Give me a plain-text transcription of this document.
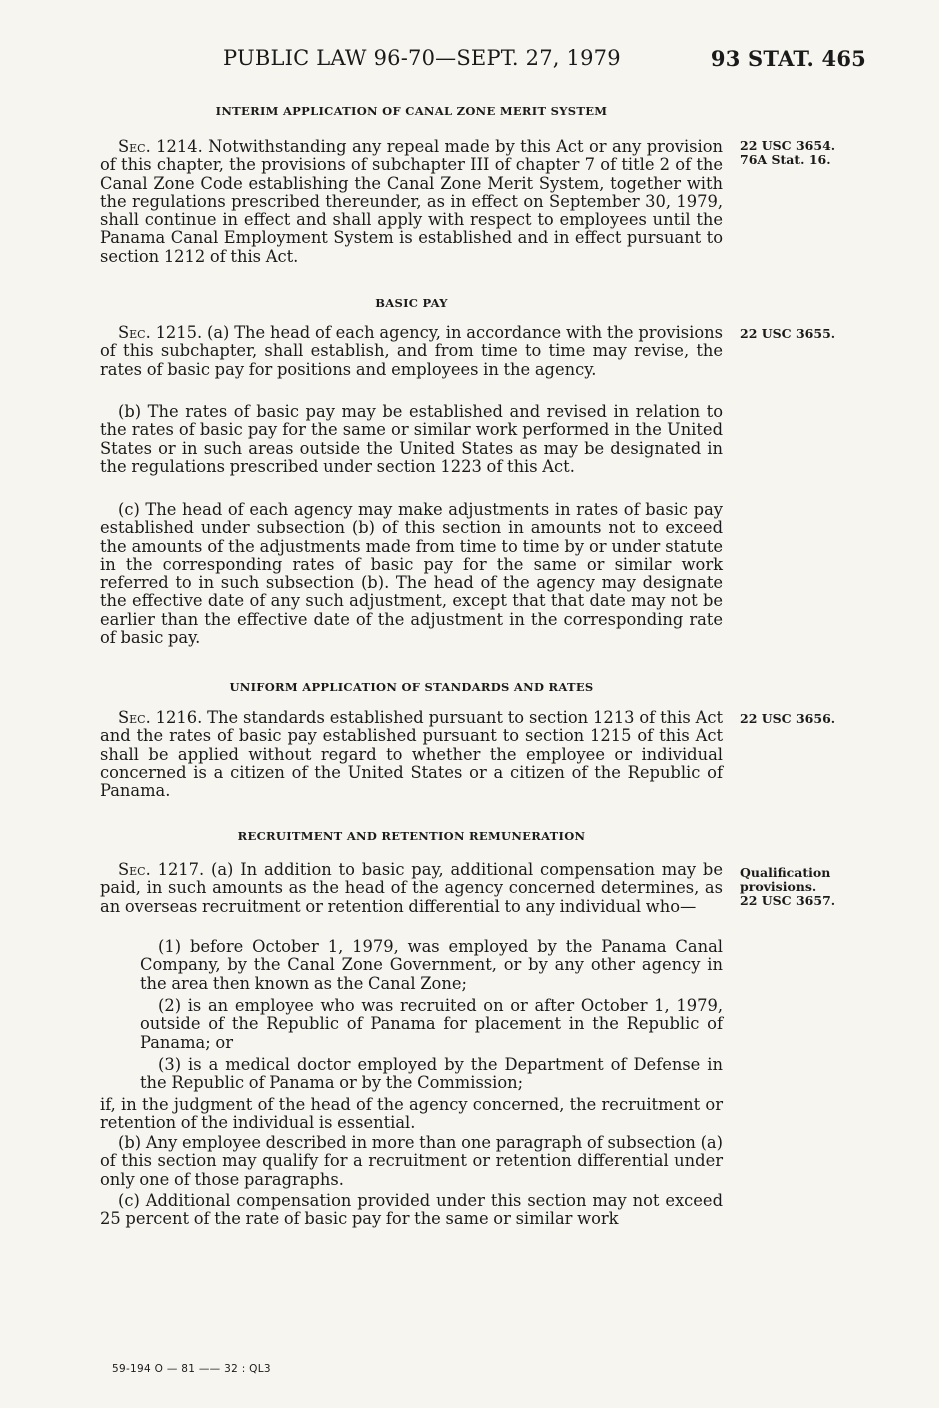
PUBLIC LAW 96-70—SEPT. 27, 1979	93 STAT. 465
INTERIM APPLICATION OF CANAL ZONE MERIT SYSTEM

Sec. 1214. Notwithstanding any repeal made by this Act or any provision of this chapter, the provisions of subchapter III of chapter 7 of title 2 of the Canal Zone Code establishing the Canal Zone Merit System, together with the regulations prescribed thereunder, as in effect on September 30, 1979, shall continue in effect and shall apply with respect to employees until the Panama Canal Employment System is established and in effect pursuant to section 1212 of this Act.

BASIC PAY

Sec. 1215. (a) The head of each agency, in accordance with the provisions of this subchapter, shall establish, and from time to time may revise, the rates of basic pay for positions and employees in the agency.

(b) The rates of basic pay may be established and revised in relation to the rates of basic pay for the same or similar work performed in the United States or in such areas outside the United States as may be designated in the regulations prescribed under section 1223 of this Act.

(c) The head of each agency may make adjustments in rates of basic pay established under subsection (b) of this section in amounts not to exceed the amounts of the adjustments made from time to time by or under statute in the corresponding rates of basic pay for the same or similar work referred to in such subsection (b). The head of the agency may designate the effective date of any such adjustment, except that that date may not be earlier than the effective date of the adjustment in the corresponding rate of basic pay.

UNIFORM APPLICATION OF STANDARDS AND RATES

Sec. 1216. The standards established pursuant to section 1213 of this Act and the rates of basic pay established pursuant to section 1215 of this Act shall be applied without regard to whether the employee or individual concerned is a citizen of the United States or a citizen of the Republic of Panama.

RECRUITMENT AND RETENTION REMUNERATION

Sec. 1217. (a) In addition to basic pay, additional compensation may be paid, in such amounts as the head of the agency concerned determines, as an overseas recruitment or retention differential to any individual who—

(1) before October 1, 1979, was employed by the Panama Canal Company, by the Canal Zone Government, or by any other agency in the area then known as the Canal Zone;

(2) is an employee who was recruited on or after October 1, 1979, outside of the Republic of Panama for placement in the Republic of Panama; or

(3) is a medical doctor employed by the Department of Defense in the Republic of Panama or by the Commission;

if, in the judgment of the head of the agency concerned, the recruitment or retention of the individual is essential.

(b) Any employee described in more than one paragraph of subsection (a) of this section may qualify for a recruitment or retention differential under only one of those paragraphs.

(c) Additional compensation provided under this section may not exceed 25 percent of the rate of basic pay for the same or similar work

22 USC 3654.
76A Stat. 16.
22 USC 3655.
22 USC 3656.
Qualification
provisions.
22 USC 3657.
59-194 O — 81 —— 32 : QL3
